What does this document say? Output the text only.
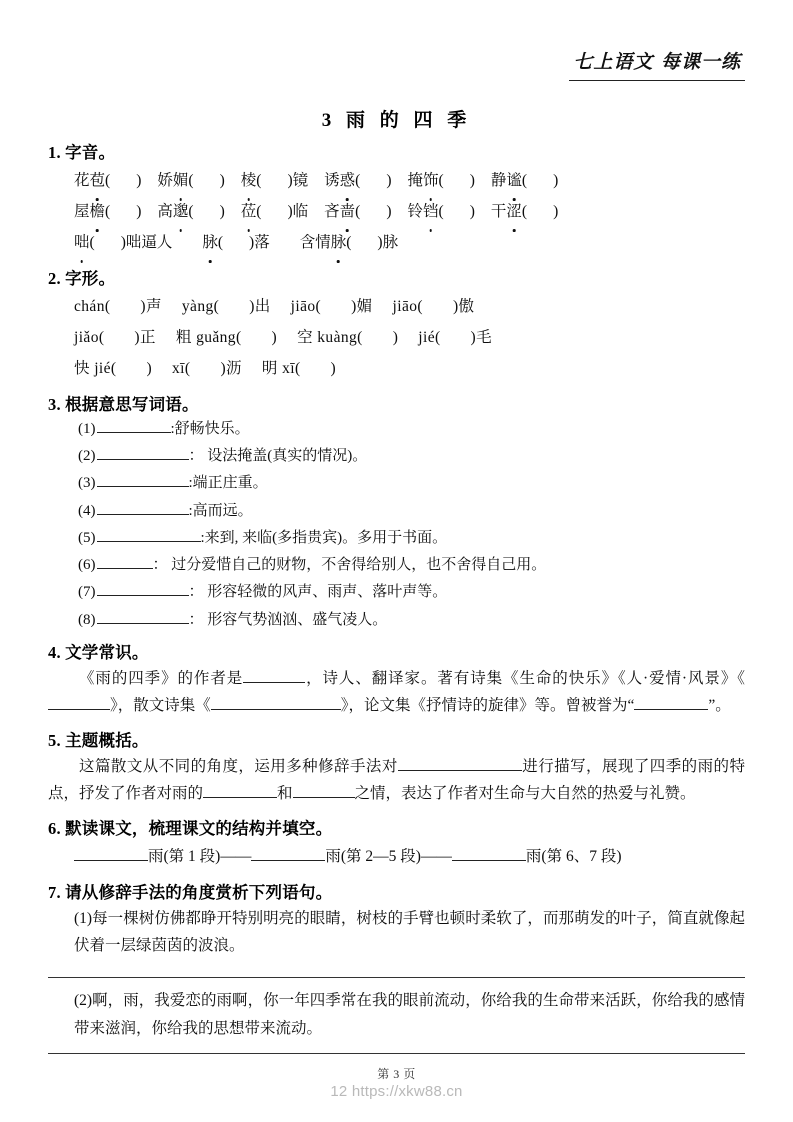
七上语文 每课一练
3 雨 的 四 季
1. 字音。
花苞( ) 娇媚( ) 棱( )镜 诱惑( ) 掩饰( ) 静谧( )
屋檐( ) 高邈( ) 莅( )临 吝啬( ) 铃铛( ) 干涩( )
咄( )咄逼人 脉( )落 含情脉( )脉
2. 字形。
chán( )声 yàng( )出 jiāo( )媚 jiāo( )傲
jiǎo( )正 粗 guǎng( ) 空 kuàng( ) jié( )毛
快 jié( ) xī( )沥 明 xī( )
3. 根据意思写词语。
(1)	:舒畅快乐。
(2)	： 设法掩盖(真实的情况)。
(3)	:端正庄重。
(4)	:高而远。
(5)	:来到, 来临(多指贵宾)。多用于书面。
(6)	： 过分爱惜自己的财物，不舍得给别人，也不舍得自己用。
(7)	： 形容轻微的风声、雨声、落叶声等。
(8)	： 形容气势汹汹、盛气凌人。
4. 文学常识。
《雨的四季》的作者是	，诗人、翻译家。著有诗集《生命的快乐》《人·爱情·风景》《》，散文诗集《	》，论文集《抒情诗的旋律》等。曾被誉为“	”。
5. 主题概括。
这篇散文从不同的角度，运用多种修辞手法对	进行描写，展现了四季的雨的特点，抒发了作者对雨的	和	之情，表达了作者对生命与大自然的热爱与礼赞。
6. 默读课文，梳理课文的结构并填空。
雨(第 1 段)——	雨(第 2—5 段)——	雨(第 6、7 段)
7. 请从修辞手法的角度赏析下列语句。
(1)每一棵树仿佛都睁开特别明亮的眼睛，树枝的手臂也顿时柔软了，而那萌发的叶子，简直就像起伏着一层绿茵茵的波浪。
(2)啊，雨，我爱恋的雨啊，你一年四季常在我的眼前流动，你给我的生命带来活跃，你给我的感情带来滋润，你给我的思想带来流动。
第 3 页
12 https://xkw88.cn
